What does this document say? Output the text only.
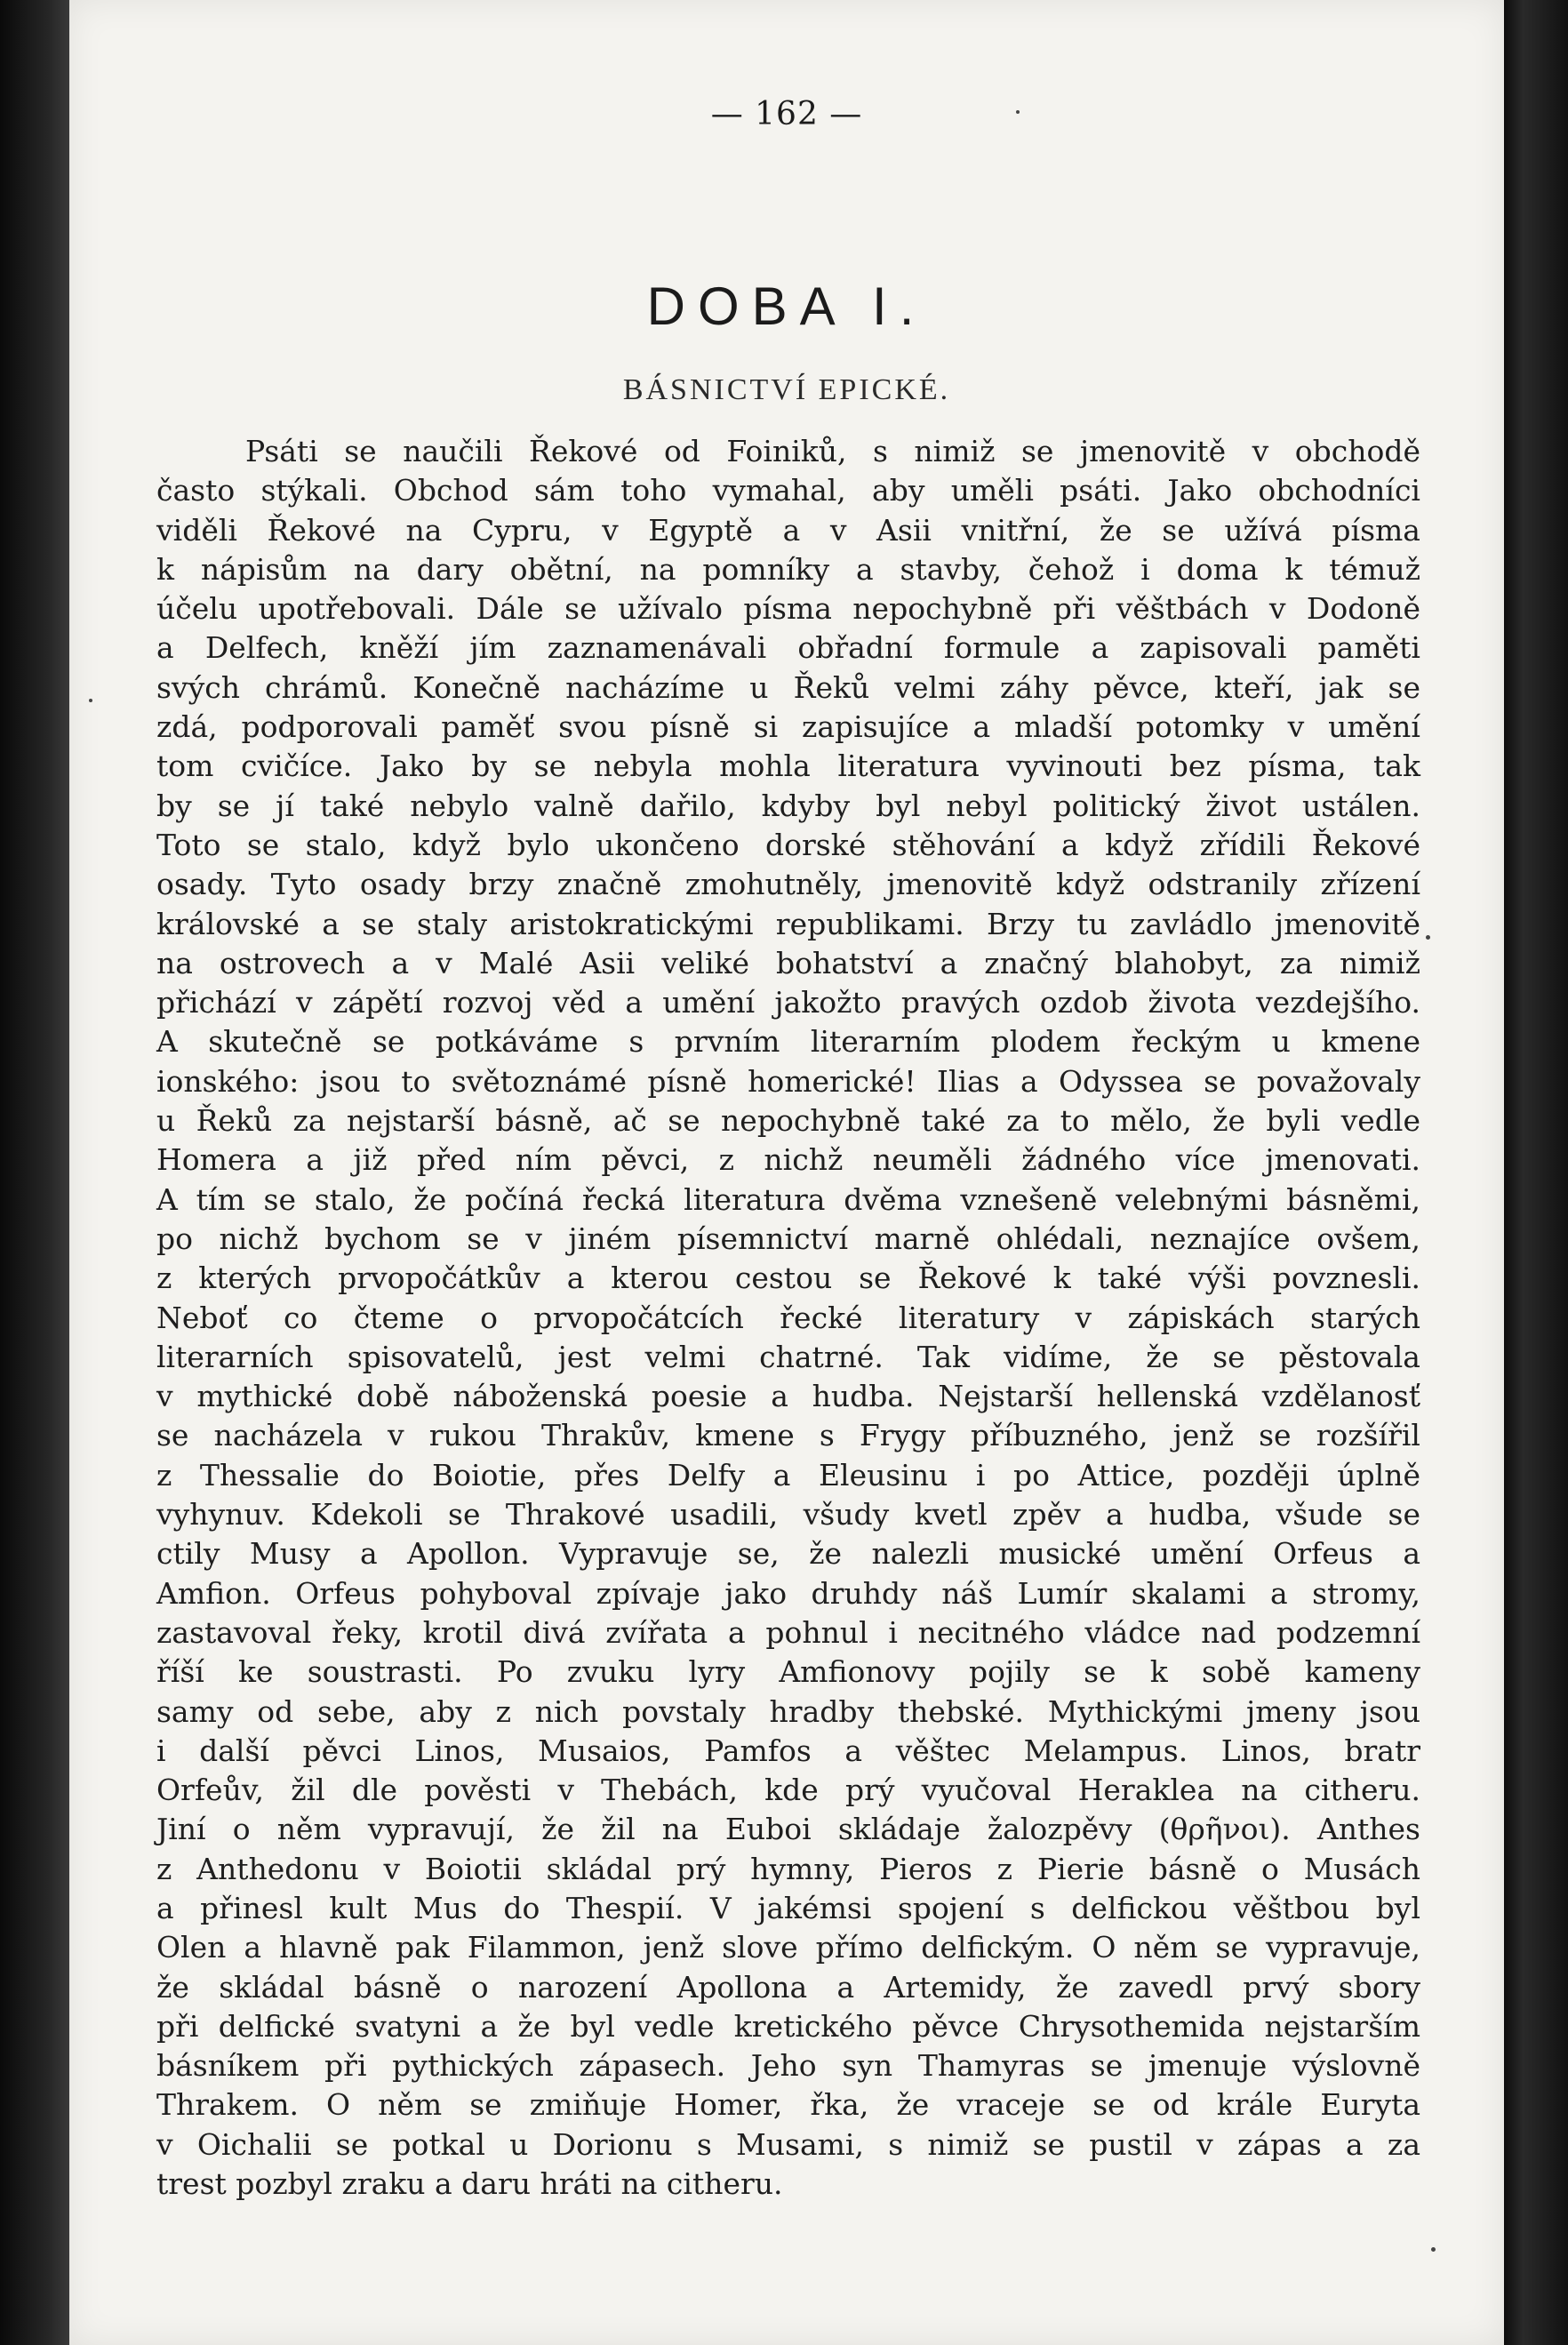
— 162 —
DOBA I.
BÁSNICTVÍ EPICKÉ.
Psáti se naučili Řekové od Foiniků, s nimiž se jmenovitě v obchodě
často stýkali. Obchod sám toho vymahal, aby uměli psáti. Jako obchodníci
viděli Řekové na Cypru, v Egyptě a v Asii vnitřní, že se užívá písma
k nápisům na dary obětní, na pomníky a stavby, čehož i doma k témuž
účelu upotřebovali. Dále se užívalo písma nepochybně při věštbách v Dodoně
a Delfech, kněží jím zaznamenávali obřadní formule a zapisovali paměti
svých chrámů. Konečně nacházíme u Řeků velmi záhy pěvce, kteří, jak se
zdá, podporovali paměť svou písně si zapisujíce a mladší potomky v umění
tom cvičíce. Jako by se nebyla mohla literatura vyvinouti bez písma, tak
by se jí také nebylo valně dařilo, kdyby byl nebyl politický život ustálen.
Toto se stalo, když bylo ukončeno dorské stěhování a když zřídili Řekové
osady. Tyto osady brzy značně zmohutněly, jmenovitě když odstranily zřízení
královské a se staly aristokratickými republikami. Brzy tu zavládlo jmenovitě
na ostrovech a v Malé Asii veliké bohatství a značný blahobyt, za nimiž
přichází v zápětí rozvoj věd a umění jakožto pravých ozdob života vezdejšího.
A skutečně se potkáváme s prvním literarním plodem řeckým u kmene
ionského: jsou to světoznámé písně homerické! Ilias a Odyssea se považovaly
u Řeků za nejstarší básně, ač se nepochybně také za to mělo, že byli vedle
Homera a již před ním pěvci, z nichž neuměli žádného více jmenovati.
A tím se stalo, že počíná řecká literatura dvěma vznešeně velebnými básněmi,
po nichž bychom se v jiném písemnictví marně ohlédali, neznajíce ovšem,
z kterých prvopočátkův a kterou cestou se Řekové k také výši povznesli.
Neboť co čteme o prvopočátcích řecké literatury v zápiskách starých
literarních spisovatelů, jest velmi chatrné. Tak vidíme, že se pěstovala
v mythické době náboženská poesie a hudba. Nejstarší hellenská vzdělanosť
se nacházela v rukou Thrakův, kmene s Frygy příbuzného, jenž se rozšířil
z Thessalie do Boiotie, přes Delfy a Eleusinu i po Attice, později úplně
vyhynuv. Kdekoli se Thrakové usadili, všudy kvetl zpěv a hudba, všude se
ctily Musy a Apollon. Vypravuje se, že nalezli musické umění Orfeus a
Amfion. Orfeus pohyboval zpívaje jako druhdy náš Lumír skalami a stromy,
zastavoval řeky, krotil divá zvířata a pohnul i necitného vládce nad podzemní
říší ke soustrasti. Po zvuku lyry Amfionovy pojily se k sobě kameny
samy od sebe, aby z nich povstaly hradby thebské. Mythickými jmeny jsou
i další pěvci Linos, Musaios, Pamfos a věštec Melampus. Linos, bratr
Orfeův, žil dle pověsti v Thebách, kde prý vyučoval Herakleа na citheru.
Jiní o něm vypravují, že žil na Euboi skládaje žalozpěvy (θρῆνοι). Anthes
z Anthedonu v Boiotii skládal prý hymny, Pieros z Pierie básně o Musách
a přinesl kult Mus do Thespií. V jakémsi spojení s delfickou věštbou byl
Olen a hlavně pak Filammon, jenž slove přímo delfickým. O něm se vypravuje,
že skládal básně o narození Apollona a Artemidy, že zavedl prvý sbory
při delfické svatyni a že byl vedle kretického pěvce Chrysothemida nejstarším
básníkem při pythických zápasech. Jeho syn Thamyras se jmenuje výslovně
Thrakem. O něm se zmiňuje Homer, řka, že vraceje se od krále Euryta
v Oichalii se potkal u Dorionu s Musami, s nimiž se pustil v zápas a za
trest pozbyl zraku a daru hráti na citheru.
